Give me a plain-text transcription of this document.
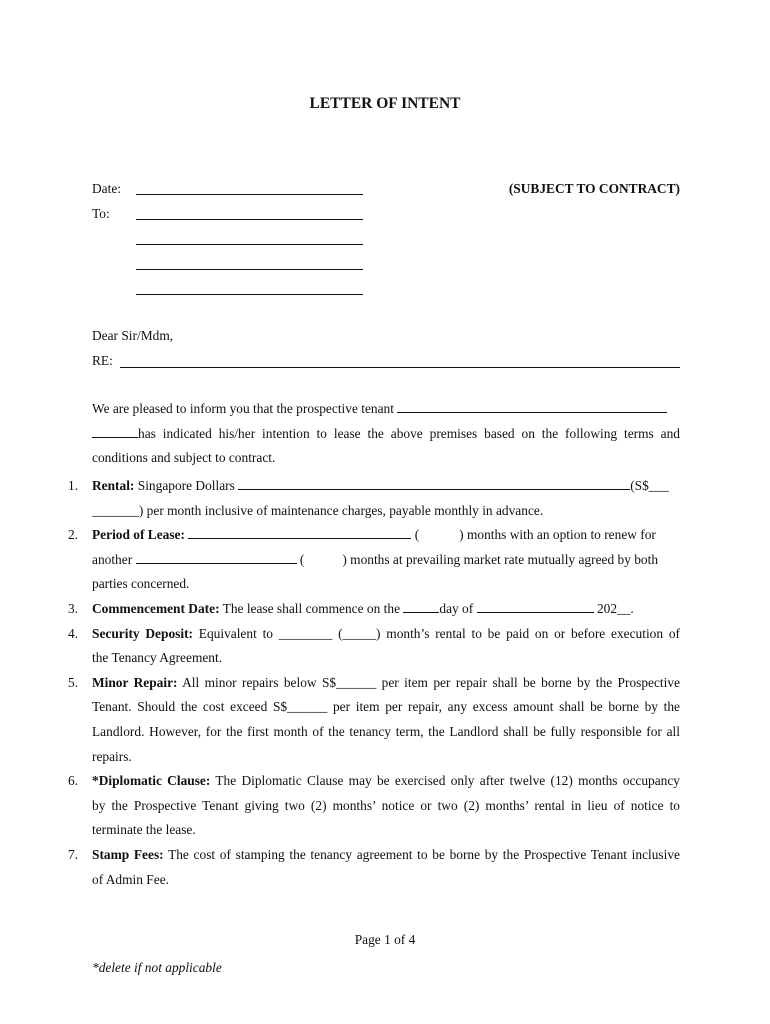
LETTER OF INTENT
(SUBJECT TO CONTRACT)
Date:
To:
Dear Sir/Mdm,
RE:
We are pleased to inform you that the prospective tenant
has indicated his/her intention to lease the above premises based on the following terms and
conditions and subject to contract.
1. Rental: Singapore Dollars	(S$___
_______) per month inclusive of maintenance charges, payable monthly in advance.
2. Period of Lease:	(	) months with an option to renew for
another	(	) months at prevailing market rate mutually agreed by both
parties concerned.
3. Commencement Date: The lease shall commence on the	day of	202__.
4. Security Deposit: Equivalent to ________ (_____) month’s rental to be paid on or before execution of
the Tenancy Agreement.
5. Minor Repair: All minor repairs below S$______ per item per repair shall be borne by the Prospective
Tenant. Should the cost exceed S$______ per item per repair, any excess amount shall be borne by the
Landlord. However, for the first month of the tenancy term, the Landlord shall be fully responsible for all
repairs.
6. *Diplomatic Clause: The Diplomatic Clause may be exercised only after twelve (12) months occupancy
by the Prospective Tenant giving two (2) months’ notice or two (2) months’ rental in lieu of notice to
terminate the lease.
7. Stamp Fees: The cost of stamping the tenancy agreement to be borne by the Prospective Tenant inclusive
of Admin Fee.
Page 1 of 4
*delete if not applicable
